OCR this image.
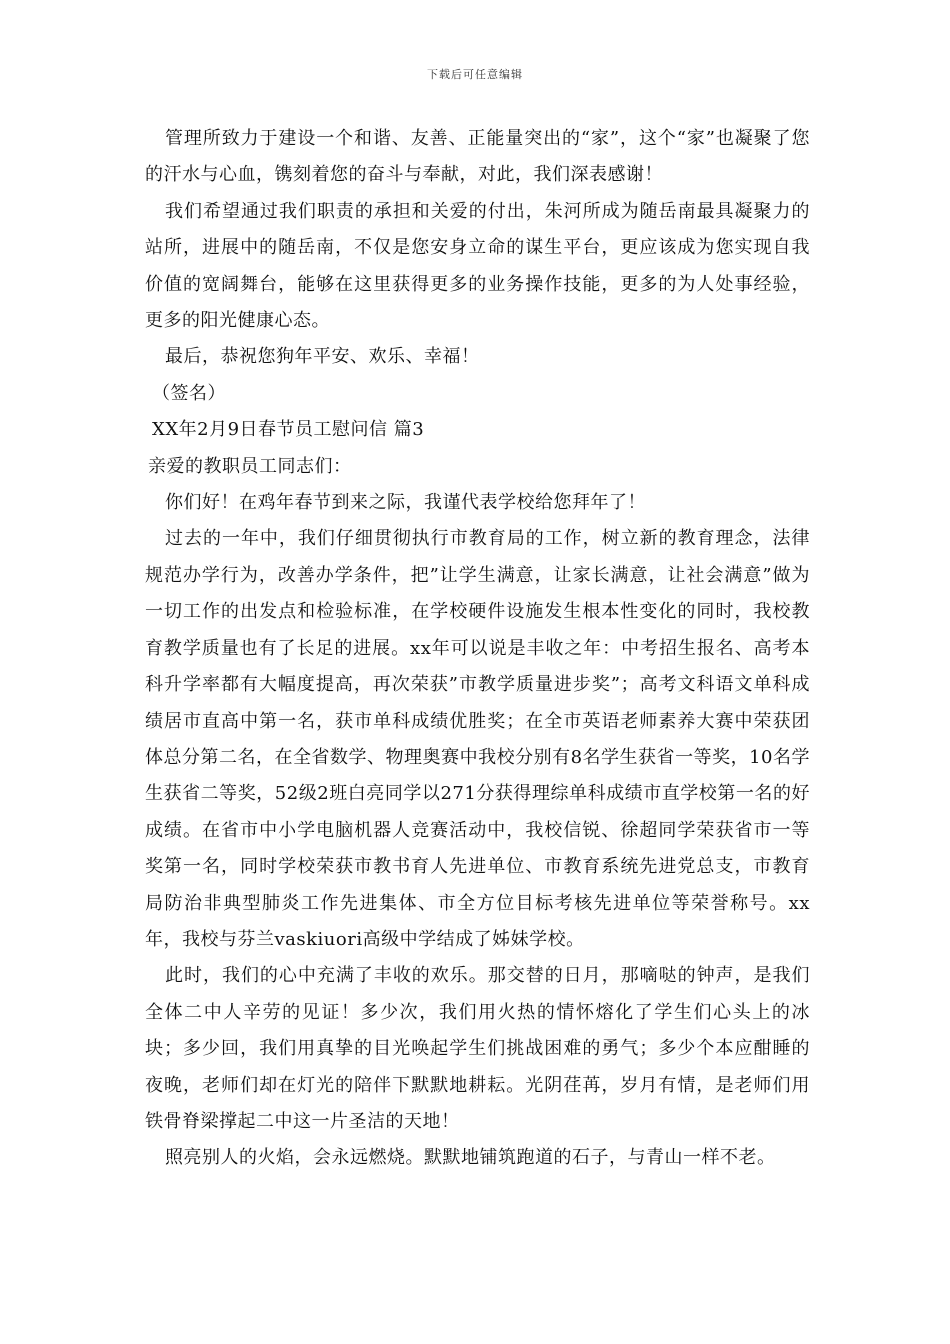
下载后可任意编辑

管理所致力于建设一个和谐、友善、正能量突出的“家”，这个“家”也凝聚了您的汗水与心血，镌刻着您的奋斗与奉献，对此，我们深表感谢！

我们希望通过我们职责的承担和关爱的付出，朱河所成为随岳南最具凝聚力的站所，进展中的随岳南，不仅是您安身立命的谋生平台，更应该成为您实现自我价值的宽阔舞台，能够在这里获得更多的业务操作技能，更多的为人处事经验，更多的阳光健康心态。

最后，恭祝您狗年平安、欢乐、幸福！

（签名）

XX年2月9日春节员工慰问信 篇3

亲爱的教职员工同志们：

你们好！在鸡年春节到来之际，我谨代表学校给您拜年了！

过去的一年中，我们仔细贯彻执行市教育局的工作，树立新的教育理念，法律规范办学行为，改善办学条件，把”让学生满意，让家长满意，让社会满意”做为一切工作的出发点和检验标准，在学校硬件设施发生根本性变化的同时，我校教育教学质量也有了长足的进展。xx年可以说是丰收之年：中考招生报名、高考本科升学率都有大幅度提高，再次荣获”市教学质量进步奖”；高考文科语文单科成绩居市直高中第一名，获市单科成绩优胜奖；在全市英语老师素养大赛中荣获团体总分第二名，在全省数学、物理奥赛中我校分别有8名学生获省一等奖，10名学生获省二等奖，52级2班白亮同学以271分获得理综单科成绩市直学校第一名的好成绩。在省市中小学电脑机器人竞赛活动中，我校信锐、徐超同学荣获省市一等奖第一名，同时学校荣获市教书育人先进单位、市教育系统先进党总支，市教育局防治非典型肺炎工作先进集体、市全方位目标考核先进单位等荣誉称号。xx年，我校与芬兰vaskiuori高级中学结成了姊妹学校。

此时，我们的心中充满了丰收的欢乐。那交替的日月，那嘀哒的钟声，是我们全体二中人辛劳的见证！多少次，我们用火热的情怀熔化了学生们心头上的冰块；多少回，我们用真挚的目光唤起学生们挑战困难的勇气；多少个本应酣睡的夜晚，老师们却在灯光的陪伴下默默地耕耘。光阴荏苒，岁月有情，是老师们用铁骨脊梁撑起二中这一片圣洁的天地！

照亮别人的火焰，会永远燃烧。默默地铺筑跑道的石子，与青山一样不老。
